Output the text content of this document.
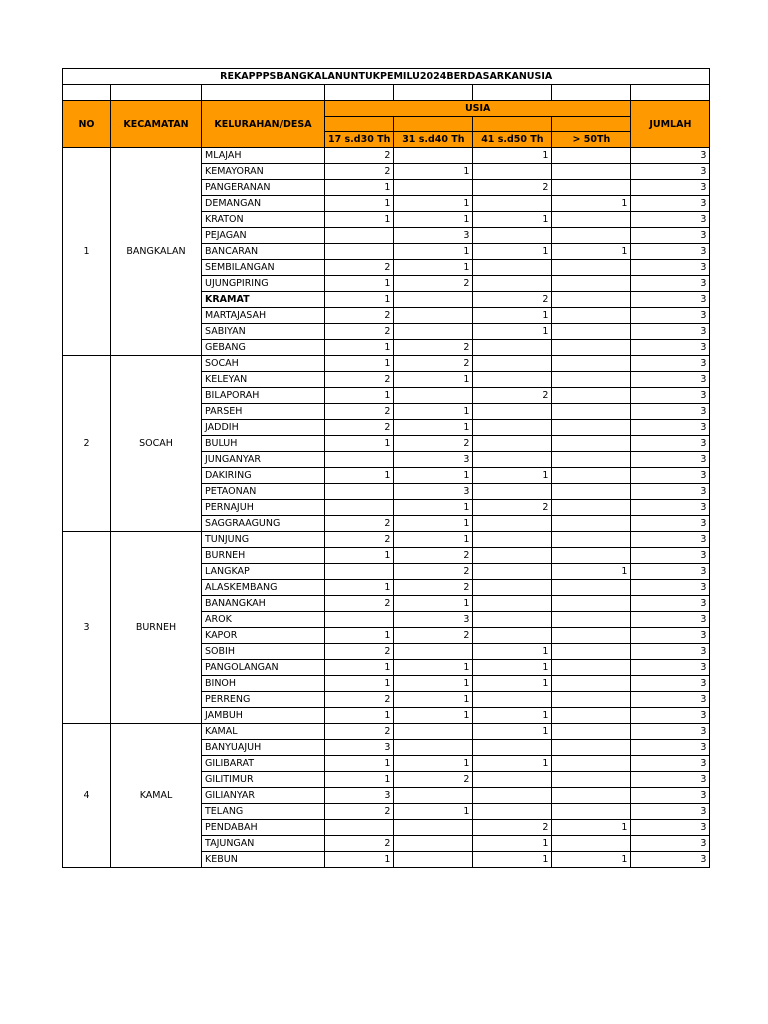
REKAPPPSBANGKALANUNTUKPEMILU2024BERDASARKANUSIA							

NO	KECAMATAN	KELURAHAN/DESA	USIA				JUMLAH

			17 s.d30 Th	31 s.d40 Th	41 s.d50 Th	> 50Th	
1	BANGKALAN	MLAJAH	2		1		3
		KEMAYORAN	2	1			3
		PANGERANAN	1		2		3
		DEMANGAN	1	1		1	3
		KRATON	1	1	1		3
		PEJAGAN		3			3
		BANCARAN		1	1	1	3
		SEMBILANGAN	2	1			3
		UJUNGPIRING	1	2			3
		KRAMAT	1		2		3
		MARTAJASAH	2		1		3
		SABIYAN	2		1		3
		GEBANG	1	2			3
2	SOCAH	SOCAH	1	2			3
		KELEYAN	2	1			3
		BILAPORAH	1		2		3
		PARSEH	2	1			3
		JADDIH	2	1			3
		BULUH	1	2			3
		JUNGANYAR		3			3
		DAKIRING	1	1	1		3
		PETAONAN		3			3
		PERNAJUH		1	2		3
		SAGGRAAGUNG	2	1			3
3	BURNEH	TUNJUNG	2	1			3
		BURNEH	1	2			3
		LANGKAP		2		1	3
		ALASKEMBANG	1	2			3
		BANANGKAH	2	1			3
		AROK		3			3
		KAPOR	1	2			3
		SOBIH	2		1		3
		PANGOLANGAN	1	1	1		3
		BINOH	1	1	1		3
		PERRENG	2	1			3
		JAMBUH	1	1	1		3
4	KAMAL	KAMAL	2		1		3
		BANYUAJUH	3				3
		GILIBARAT	1	1	1		3
		GILITIMUR	1	2			3
		GILIANYAR	3				3
		TELANG	2	1			3
		PENDABAH			2	1	3
		TAJUNGAN	2		1		3
		KEBUN	1		1	1	3
